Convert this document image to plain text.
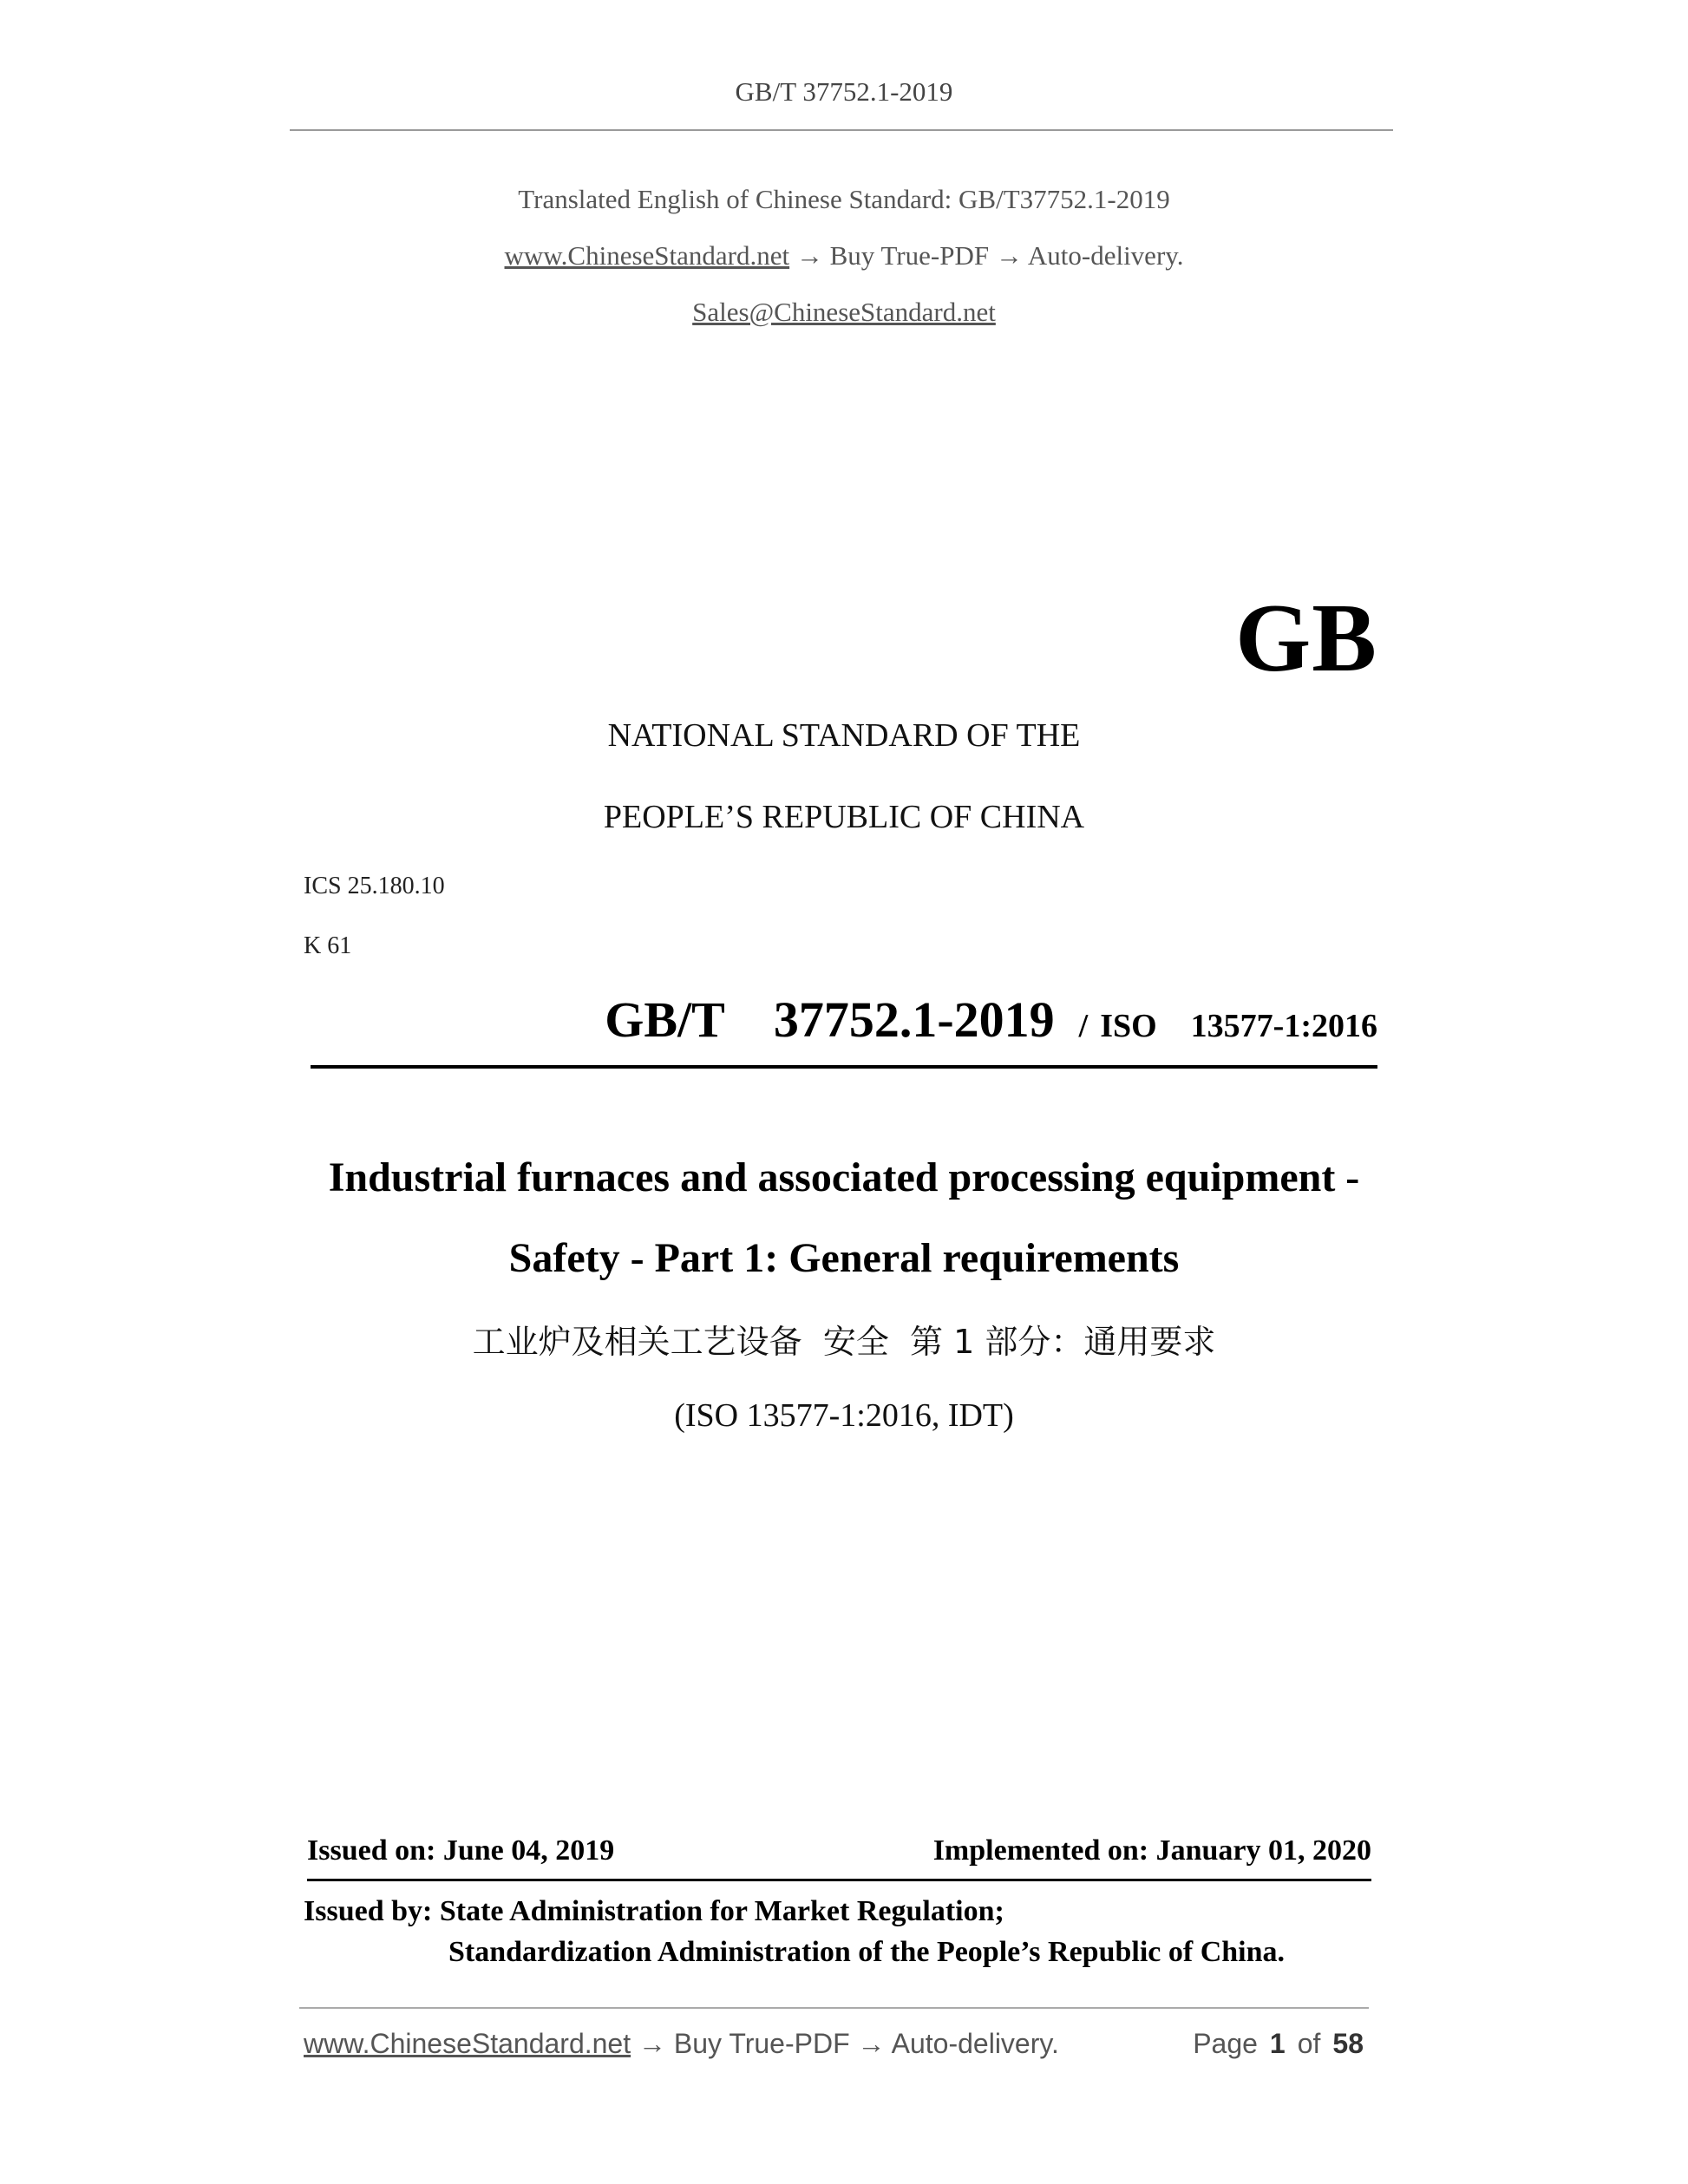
GB/T 37752.1-2019
Translated English of Chinese Standard: GB/T37752.1-2019
www.ChineseStandard.net → Buy True-PDF → Auto-delivery.
Sales@ChineseStandard.net
GB
NATIONAL STANDARD OF THE
PEOPLE’S REPUBLIC OF CHINA
ICS 25.180.10
K 61
GB/T  37752.1-2019 / ISO  13577-1:2016
Industrial furnaces and associated processing equipment -
Safety - Part 1: General requirements
工业炉及相关工艺设备  安全  第 1 部分：通用要求
(ISO 13577-1:2016, IDT)
Issued on: June 04, 2019	Implemented on: January 01, 2020
Issued by: State Administration for Market Regulation;
Standardization Administration of the People’s Republic of China.
www.ChineseStandard.net → Buy True-PDF → Auto-delivery.	Page 1 of 58
